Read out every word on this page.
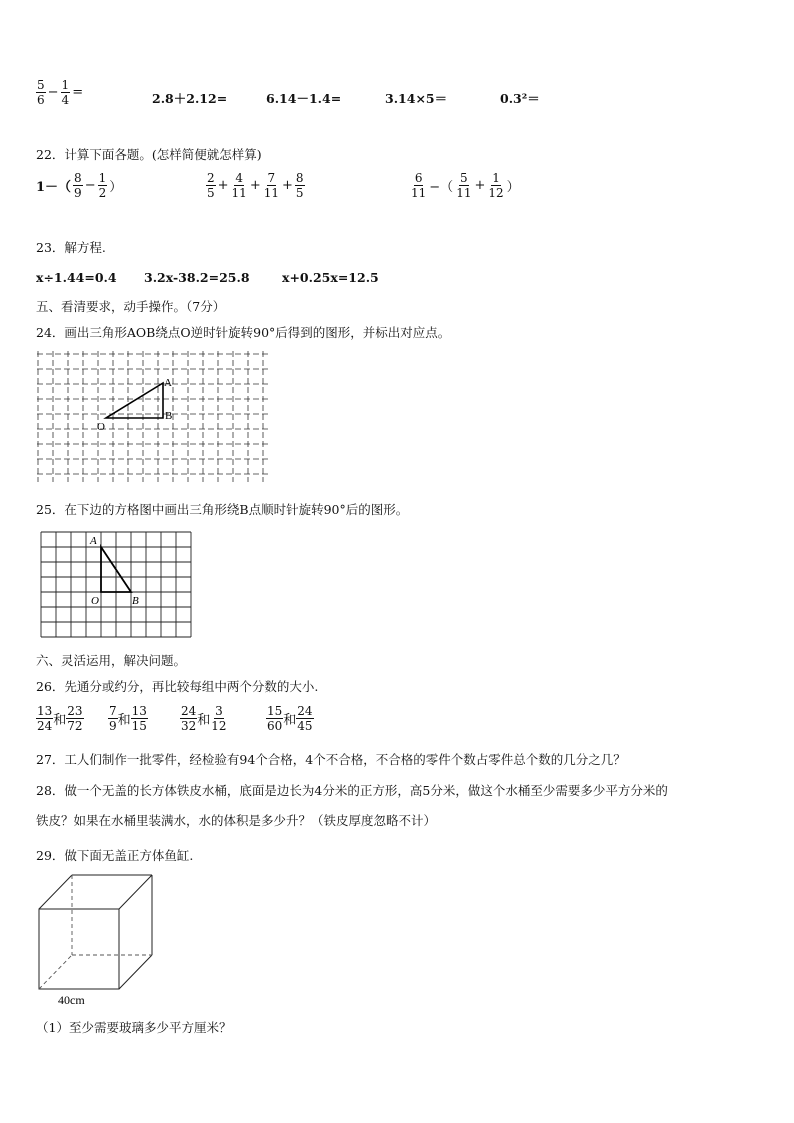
$\frac{5}{6} - \frac{1}{4}$ =	2.8＋2.12=	6.14－1.4=	3.14×5＝	0.3²＝
22．计算下面各题。(怎样简便就怎样算)
$1-( \frac{8}{9} - \frac{1}{2}$ ）	$\frac{2}{5} + \frac{4}{11} + \frac{7}{11} + \frac{8}{5}$	$\frac{6}{11}$ −（ $\frac{5}{11} + \frac{1}{12}$ ）
23．解方程.
x÷1.44=0.4 3.2x-38.2=25.8	x+0.25x=12.5
五、看清要求，动手操作。（7分）
24．画出三角形AOB绕点O逆时针旋转90°后得到的图形，并标出对应点。
A
B
O
25．在下边的方格图中画出三角形绕B点顺时针旋转90°后的图形。
A
O	B
六、灵活运用，解决问题。
26．先通分或约分，再比较每组中两个分数的大小.
$\frac{13}{24}$ 和 $\frac{23}{72} \frac{7}{9}$ 和 $\frac{13}{15}$	$\frac{24}{32}$ 和 $\frac{3}{12}$	$\frac{15}{60}$ 和 $\frac{24}{45}$
27．工人们制作一批零件，经检验有94个合格，4个不合格，不合格的零件个数占零件总个数的几分之几？
28．做一个无盖的长方体铁皮水桶，底面是边长为4分米的正方形，高5分米，做这个水桶至少需要多少平方分米的
铁皮？如果在水桶里装满水，水的体积是多少升？（铁皮厚度忽略不计）
29．做下面无盖正方体鱼缸.
40cm
（1）至少需要玻璃多少平方厘米？
